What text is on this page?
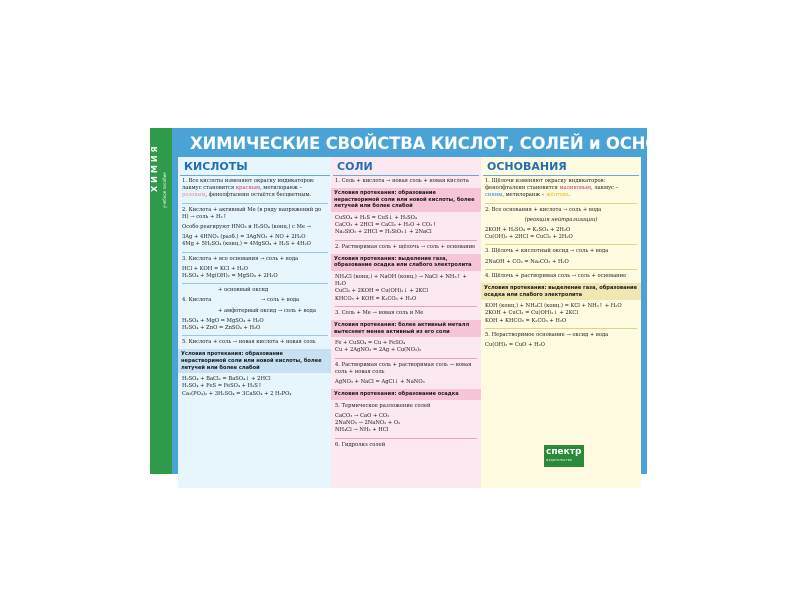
ХИМИЯ учебное пособие
ХИМИЧЕСКИЕ СВОЙСТВА КИСЛОТ, СОЛЕЙ и ОСНОВАНИЙ
КИСЛОТЫ

1. Все кислоты изменяют окраску индикаторов: лакмус становится красным, метилоранж – розовым, фенолфталеин остаётся бесцветным.

2. Кислота + активный Ме (в ряду напряжений до H) → соль + H₂↑

Особо реагируют HNO₃ и H₂SO₄ (конц.) с Ме →

3Ag + 4HNO₃ (разб.) = 3AgNO₃ + NO + 2H₂O
4Mg + 5H₂SO₄ (конц.) = 4MgSO₄ + H₂S + 4H₂O

3. Кислота + все основания → соль + вода

HCl + KOH = KCl + H₂O
H₂SO₄ + Mg(OH)₂ = MgSO₄ + 2H₂O

+ основный оксид

4. Кислота	→ соль + вода

+ амфотерный оксид → соль + вода

H₂SO₄ + MgO = MgSO₄ + H₂O
H₂SO₄ + ZnO = ZnSO₄ + H₂O

5. Кислота + соль → новая кислота + новая соль

Условия протекания: образование нерастворимой соли или новой кислоты, более летучей или более слабой

H₂SO₄ + BaCl₂ = BaSO₄↓ + 2HCl
H₂SO₄ + FeS = FeSO₄ + H₂S↑
Ca₃(PO₄)₂ + 3H₂SO₄ = 3CaSO₄ + 2 H₃PO₄

СОЛИ

1. Соль + кислота → новая соль + новая кислота

Условия протекания: образование нерастворимой соли или новой кислоты, более летучей или более слабой

CuSO₄ + H₂S = CuS↓ + H₂SO₄
CaCO₃ + 2HCl = CaCl₂ + H₂O + CO₂↑
Na₂SiO₃ + 2HCl = H₂SiO₃↓ + 2NaCl

2. Растворимая соль + щёлочь → соль + основание

Условия протекания: выделение газа, образование осадка или слабого электролита

NH₄Cl (конц.) + NaOH (конц.) → NaCl + NH₃↑ + H₂O
CuCl₂ + 2KOH = Cu(OH)₂↓ + 2KCl
KHCO₃ + KOH = K₂CO₃ + H₂O

3. Соль + Ме → новая соль и Ме

Условия протекания: более активный металл вытесняет менее активный из его соли

Fe + CuSO₄ = Cu + FeSO₄
Cu + 2AgNO₃ = 2Ag + Cu(NO₃)₂

4. Растворимая соль + растворимая соль → новая соль + новая соль

AgNO₃ + NaCl = AgCl↓ + NaNO₃

Условия протекания: образование осадка

5. Термическое разложение солей

CaCO₃ → CaO + CO₂
2NaNO₃ → 2NaNO₂ + O₂
NH₄Cl → NH₃ + HCl

6. Гидролиз солей

ОСНОВАНИЯ

1. Щёлочи изменяют окраску индикаторов: фенолфталеин становится малиновым, лакмус – синим, метилоранж – жёлтым.

2. Все основания + кислота → соль + вода

(реакция нейтрализации)

2KOH + H₂SO₄ = K₂SO₄ + 2H₂O
Cu(OH)₂ + 2HCl = CuCl₂ + 2H₂O

3. Щёлочь + кислотный оксид → соль + вода

2NaOH + CO₂ = Na₂CO₃ + H₂O

4. Щёлочь + растворимая соль → соль + основание

Условия протекания: выделение газа, образование осадка или слабого электролита

KOH (конц.) + NH₄Cl (конц.) = KCl + NH₃↑ + H₂O
2KOH + CuCl₂ = Cu(OH)₂↓ + 2KCl
KOH + KHCO₃ = K₂CO₃ + H₂O

5. Нерастворимое основание → оксид + вода

Cu(OH)₂ = CuO + H₂O

спектр
издательство
